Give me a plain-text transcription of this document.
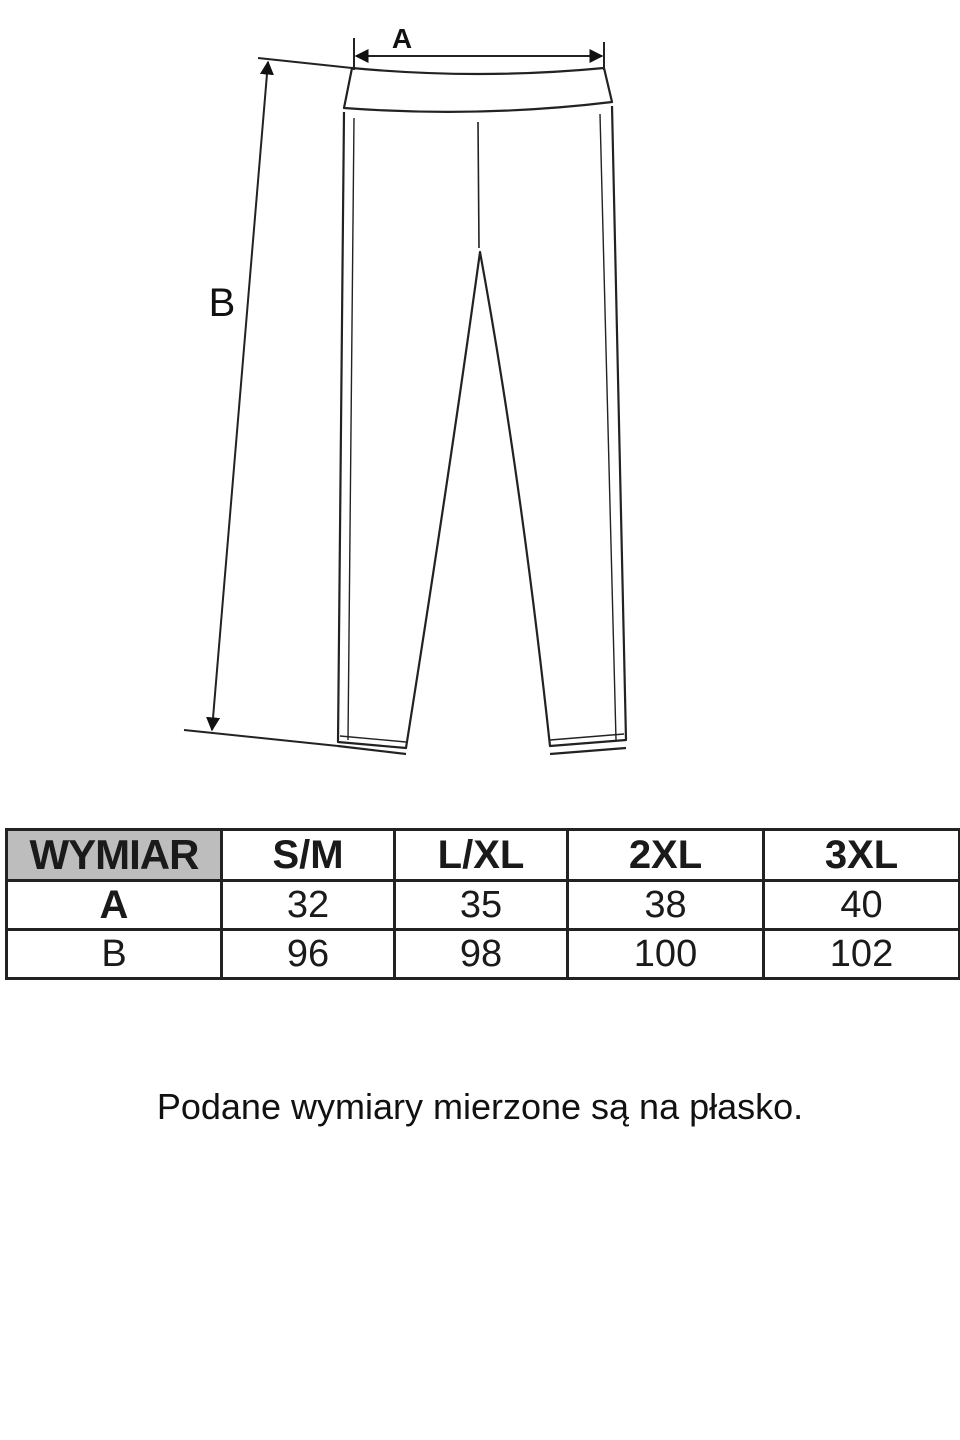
A
B
WYMIAR	S/M	L/XL	2XL	3XL
A	32	35	38	40
B	96	98	100	102

Podane wymiary mierzone są na płasko.
